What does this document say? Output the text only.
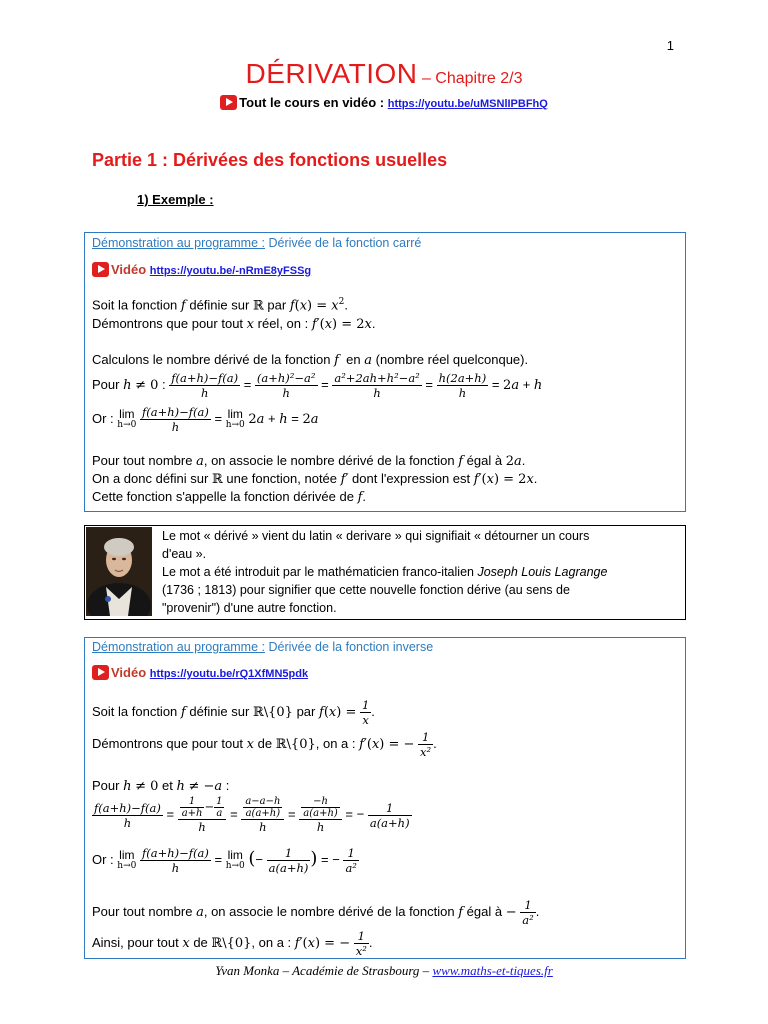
1
DÉRIVATION – Chapitre 2/3
Tout le cours en vidéo : https://youtu.be/uMSNlIPBFhQ
Partie 1 : Dérivées des fonctions usuelles
1) Exemple :
Démonstration au programme : Dérivée de la fonction carré
Vidéo https://youtu.be/-nRmE8yFSSg
Soit la fonction f définie sur ℝ par $f(x) = x^2$.
Démontrons que pour tout x réel, on : f′(x) = 2x.
Calculons le nombre dérivé de la fonction f en a (nombre réel quelconque).
Pour h ≠ 0 : $\frac{f(a+h)-f(a)}{h} = \frac{\text{(a+h)²−a²}}{h} = \frac{\text{a²+2ah+h²−a²}}{h} = \frac{h(2a+h)}{h} = 2a + h$
Or : lim
h→0
$\frac{f(a+h)-f(a)}{h} = \lim$
h→0 2a + h = 2a
Pour tout nombre a, on associe le nombre dérivé de la fonction f égal à 2a.
On a donc défini sur ℝ une fonction, notée f′ dont l'expression est f′(x) = 2x.
Cette fonction s'appelle la fonction dérivée de f.
Le mot « dérivé » vient du latin « derivare » qui signifiait « détourner un cours
d'eau ».
Le mot a été introduit par le mathématicien franco-italien Joseph Louis Lagrange
(1736 ; 1813) pour signifier que cette nouvelle fonction dérive (au sens de
"provenir") d'une autre fonction.
Démonstration au programme : Dérivée de la fonction inverse
Vidéo https://youtu.be/rQ1XfMN5pdk
Soit la fonction f définie sur ℝ\{0} par $f(x) = \frac{1}{x}$ .
Démontrons que pour tout x de ℝ\{0}, on a : f′(x) = − $\frac{1}{\text{x²}}$ .
Pour h ≠ 0 et h ≠ −a :
$\frac{f(a+h)-f(a)}{h} = \frac{\frac{1}{a+h} - \frac{1}{a}}{h} = \frac{\frac{a-a-h}{a(a+h)}}{h} = \frac{\frac{-h}{a(a+h)}}{h}$ = − $\frac{1}{a(a+h)}$
Or : lim
h→0
$\frac{f(a+h)-f(a)}{h} = \lim$
h→0 (− $\frac{1}{a(a+h)}$ ) = − $\frac{1}{\text{a²}}$
Pour tout nombre a, on associe le nombre dérivé de la fonction f égal à − $\frac{1}{\text{a²}}$ .
Ainsi, pour tout x de ℝ\{0}, on a : f′(x) = − $\frac{1}{\text{x²}}$ .
Yvan Monka – Académie de Strasbourg – www.maths-et-tiques.fr
